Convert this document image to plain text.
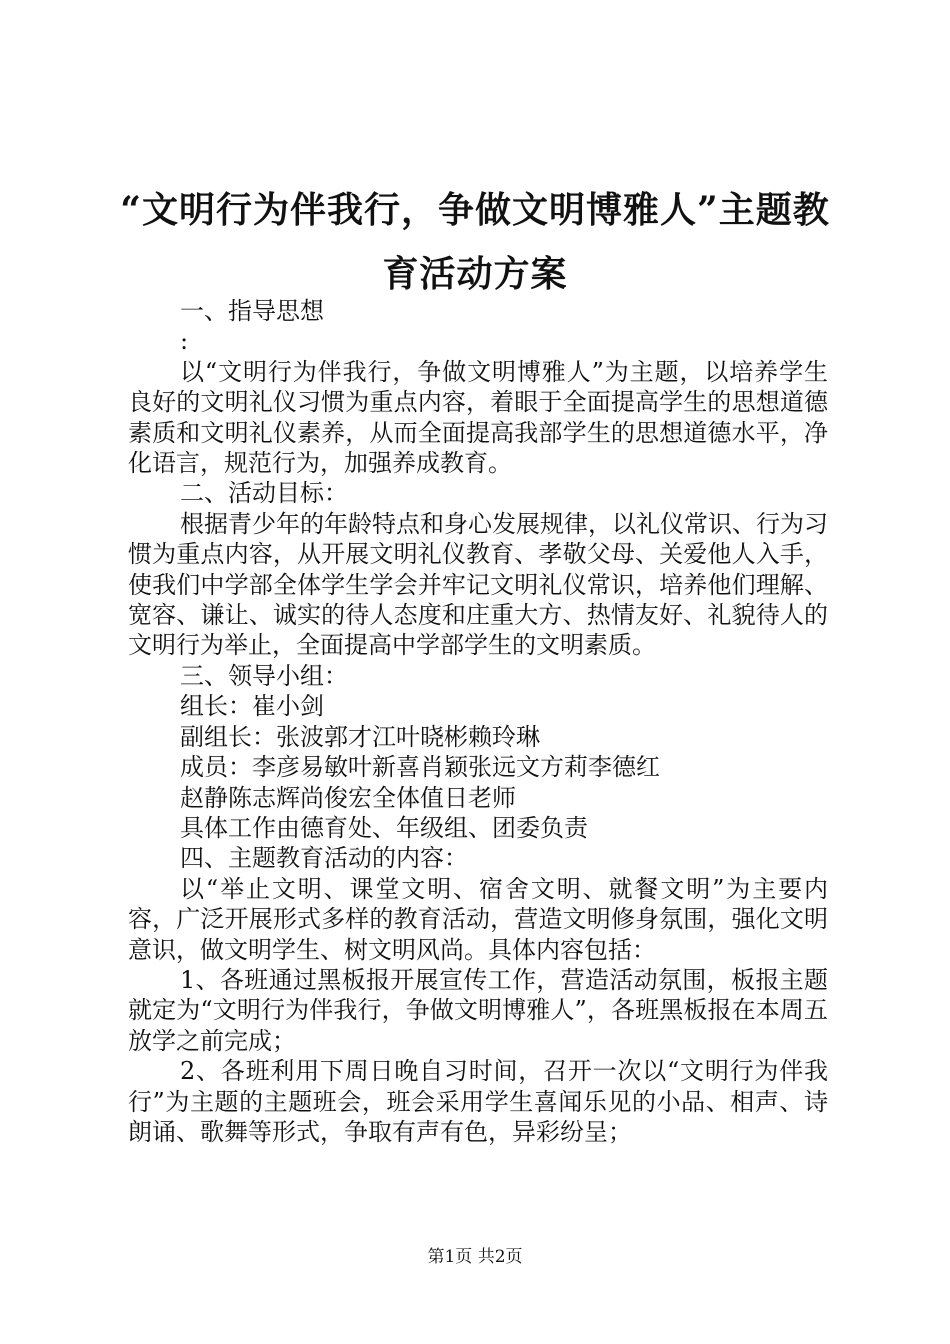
“文明行为伴我行，争做文明博雅人”主题教育活动方案

一、指导思想

:

以“文明行为伴我行，争做文明博雅人”为主题，以培养学生良好的文明礼仪习惯为重点内容，着眼于全面提高学生的思想道德素质和文明礼仪素养，从而全面提高我部学生的思想道德水平，净化语言，规范行为，加强养成教育。

二、活动目标：

根据青少年的年龄特点和身心发展规律，以礼仪常识、行为习惯为重点内容，从开展文明礼仪教育、孝敬父母、关爱他人入手，使我们中学部全体学生学会并牢记文明礼仪常识，培养他们理解、宽容、谦让、诚实的待人态度和庄重大方、热情友好、礼貌待人的文明行为举止，全面提高中学部学生的文明素质。

三、领导小组：

组长：崔小剑

副组长：张波郭才江叶晓彬赖玲琳

成员：李彦易敏叶新喜肖颖张远文方莉李德红

赵静陈志辉尚俊宏全体值日老师

具体工作由德育处、年级组、团委负责

四、主题教育活动的内容：

以“举止文明、课堂文明、宿舍文明、就餐文明”为主要内容，广泛开展形式多样的教育活动，营造文明修身氛围，强化文明意识，做文明学生、树文明风尚。具体内容包括：

1、各班通过黑板报开展宣传工作，营造活动氛围，板报主题就定为“文明行为伴我行，争做文明博雅人”，各班黑板报在本周五放学之前完成；

2、各班利用下周日晚自习时间，召开一次以“文明行为伴我行”为主题的主题班会，班会采用学生喜闻乐见的小品、相声、诗朗诵、歌舞等形式，争取有声有色，异彩纷呈；

第1页 共2页
